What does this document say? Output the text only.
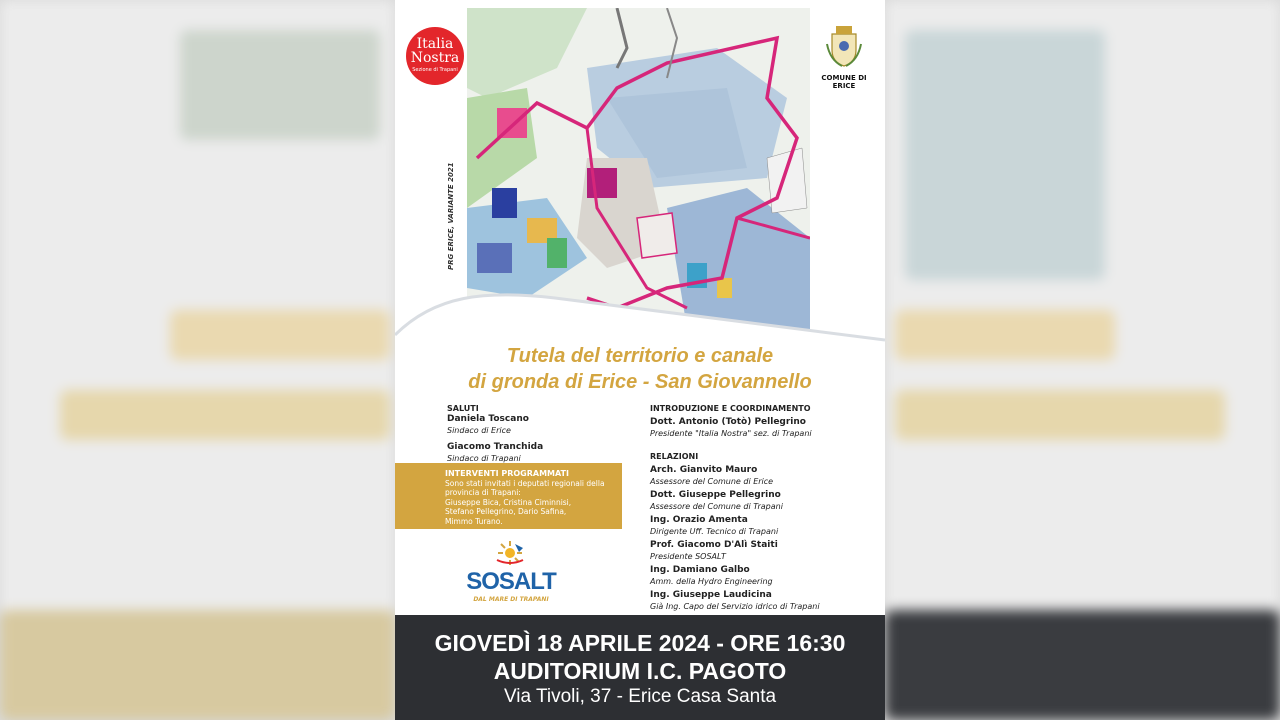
Italia
Nostra
Sezione di Trapani
PRG ERICE, VARIANTE 2021
COMUNE DI ERICE
Tutela del territorio e canale
di gronda di Erice - San Giovannello
SALUTI
Daniela Toscano
Sindaco di Erice
Giacomo Tranchida
Sindaco di Trapani
INTERVENTI PROGRAMMATI
Sono stati invitati i deputati regionali della
provincia di Trapani:
Giuseppe Bica, Cristina Ciminnisi,
Stefano Pellegrino, Dario Safina,
Mimmo Turano.
INTRODUZIONE E COORDINAMENTO
Dott. Antonio (Totò) Pellegrino
Presidente "Italia Nostra" sez. di Trapani
RELAZIONI
Arch. Gianvito Mauro
Assessore del Comune di Erice
Dott. Giuseppe Pellegrino
Assessore del Comune di Trapani
Ing. Orazio Amenta
Dirigente Uff. Tecnico di Trapani
Prof. Giacomo D'Alì Staiti
Presidente SOSALT
Ing. Damiano Galbo
Amm. della Hydro Engineering
Ing. Giuseppe Laudicina
Già Ing. Capo del Servizio idrico di Trapani
SOSALT
DAL MARE DI TRAPANI
GIOVEDÌ 18 APRILE 2024 - ORE 16:30
AUDITORIUM I.C. PAGOTO
Via Tivoli, 37 - Erice Casa Santa
